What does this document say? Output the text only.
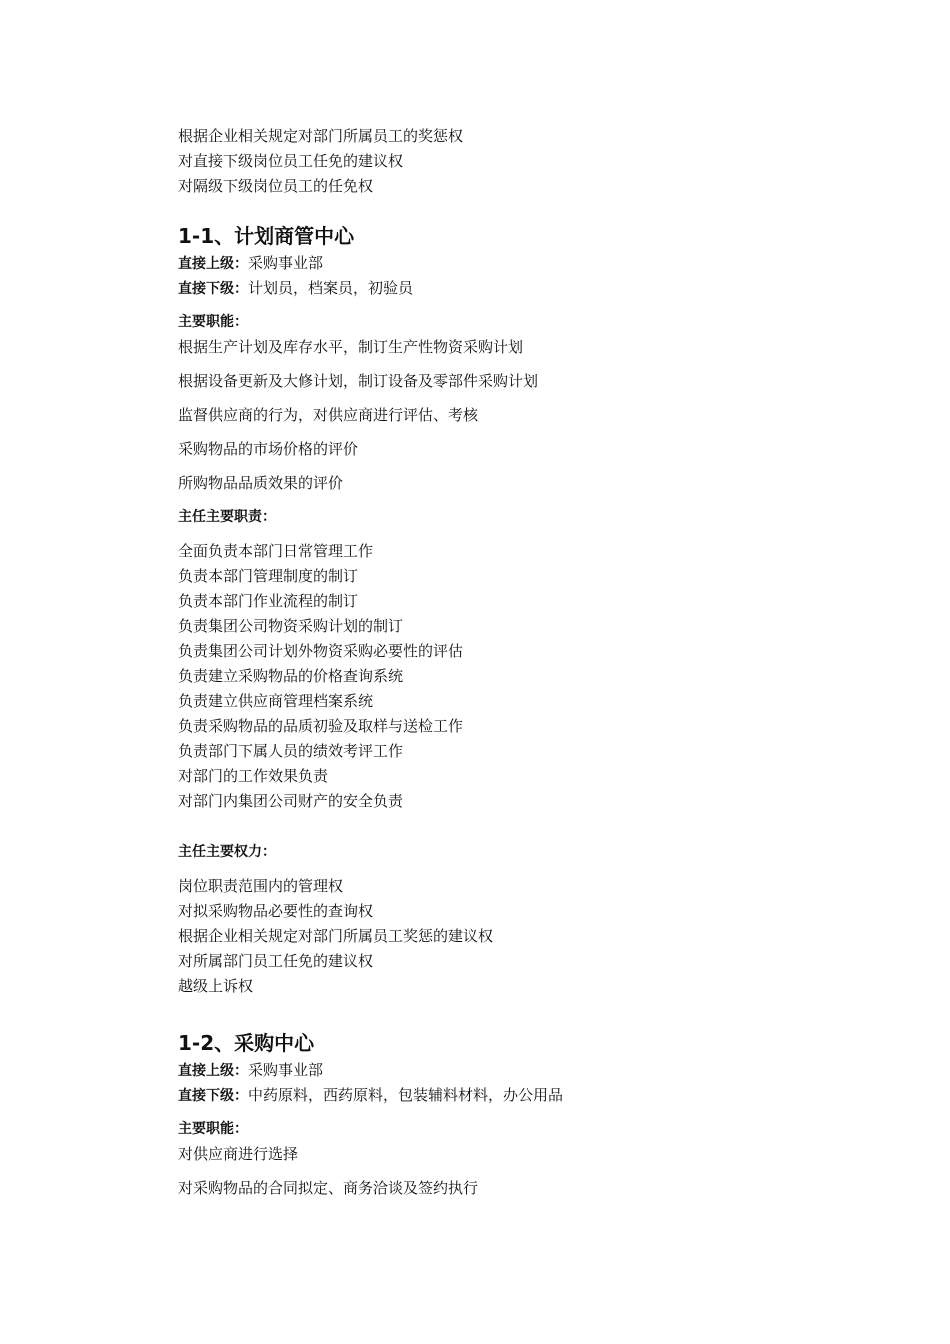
根据企业相关规定对部门所属员工的奖惩权
对直接下级岗位员工任免的建议权
对隔级下级岗位员工的任免权
1-1、计划商管中心
直接上级：采购事业部
直接下级：计划员，档案员，初验员
主要职能：
根据生产计划及库存水平，制订生产性物资采购计划
根据设备更新及大修计划，制订设备及零部件采购计划
监督供应商的行为，对供应商进行评估、考核
采购物品的市场价格的评价
所购物品品质效果的评价
主任主要职责：
全面负责本部门日常管理工作
负责本部门管理制度的制订
负责本部门作业流程的制订
负责集团公司物资采购计划的制订
负责集团公司计划外物资采购必要性的评估
负责建立采购物品的价格查询系统
负责建立供应商管理档案系统
负责采购物品的品质初验及取样与送检工作
负责部门下属人员的绩效考评工作
对部门的工作效果负责
对部门内集团公司财产的安全负责
主任主要权力：
岗位职责范围内的管理权
对拟采购物品必要性的查询权
根据企业相关规定对部门所属员工奖惩的建议权
对所属部门员工任免的建议权
越级上诉权
1-2、采购中心
直接上级：采购事业部
直接下级：中药原料，西药原料，包装辅料材料，办公用品
主要职能：
对供应商进行选择
对采购物品的合同拟定、商务洽谈及签约执行
